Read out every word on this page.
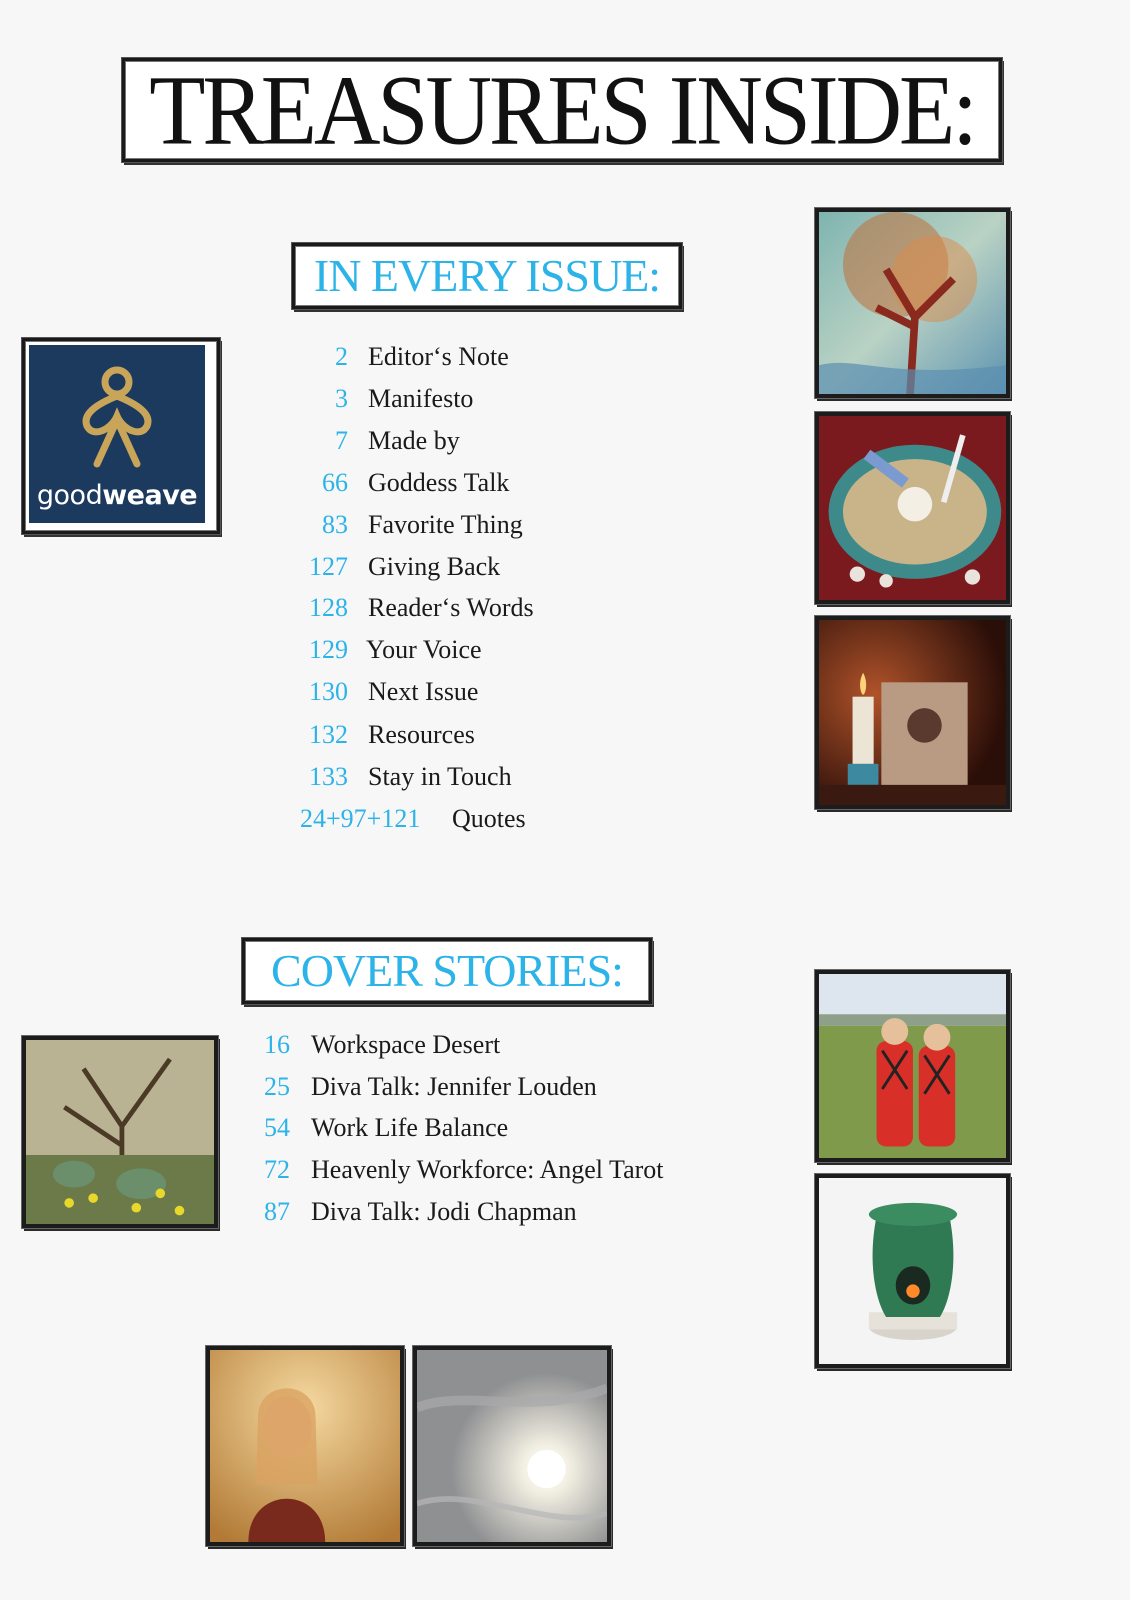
TREASURES INSIDE:
IN EVERY ISSUE:
2 Editor‘s Note
3 Manifesto
7 Made by
66 Goddess Talk
83 Favorite Thing
127 Giving Back
128 Reader‘s Words
129 Your Voice
130 Next Issue
132 Resources
133 Stay in Touch
24+97+121 Quotes
COVER STORIES:
16 Workspace Desert
25 Diva Talk: Jennifer Louden
54 Work Life Balance
72 Heavenly Workforce: Angel Tarot
87 Diva Talk: Jodi Chapman
goodweave
